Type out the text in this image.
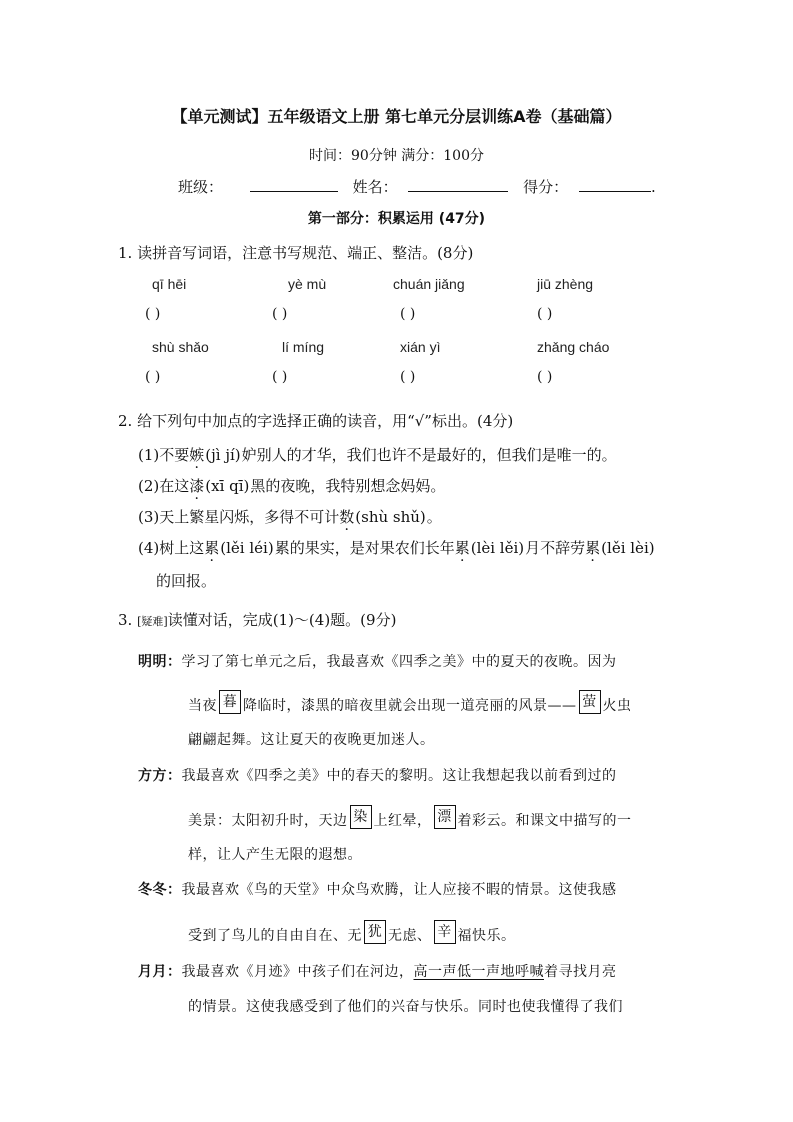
【单元测试】五年级语文上册 第七单元分层训练A卷（基础篇）
时间：90分钟 满分：100分
班级：	姓名：	得分：	.
第一部分：积累运用 (47分)
1. 读拼音写词语，注意书写规范、端正、整洁。(8分)
qī hēi	yè mù	chuán jiǎng	jiū zhèng
( )	( )	( )	( )
shù shǎo	lí míng	xián yì	zhǎng cháo
( )	( )	( )	( )
2. 给下列句中加点的字选择正确的读音，用“√”标出。(4分)
(1)不要嫉(jì jí)妒别人的才华，我们也许不是最好的，但我们是唯一的。
(2)在这漆(xī qī)黑的夜晚，我特别想念妈妈。
(3)天上繁星闪烁，多得不可计数(shù shǔ)。
(4)树上这累(lěi léi)累的果实，是对果农们长年累(lèi lěi)月不辞劳累(lěi lèi)
的回报。
3. [疑难]读懂对话，完成(1)～(4)题。(9分)
明明：学习了第七单元之后，我最喜欢《四季之美》中的夏天的夜晚。因为
当夜 暮 降临时，漆黑的暗夜里就会出现一道亮丽的风景—— 萤 火虫
翩翩起舞。这让夏天的夜晚更加迷人。
方方：我最喜欢《四季之美》中的春天的黎明。这让我想起我以前看到过的
美景：太阳初升时，天边 染 上红晕， 漂 着彩云。和课文中描写的一
样，让人产生无限的遐想。
冬冬：我最喜欢《鸟的天堂》中众鸟欢腾，让人应接不暇的情景。这使我感
受到了鸟儿的自由自在、无 犹 无虑、 辛 福快乐。
月月：我最喜欢《月迹》中孩子们在河边，高一声低一声地呼喊着寻找月亮
的情景。这使我感受到了他们的兴奋与快乐。同时也使我懂得了我们
